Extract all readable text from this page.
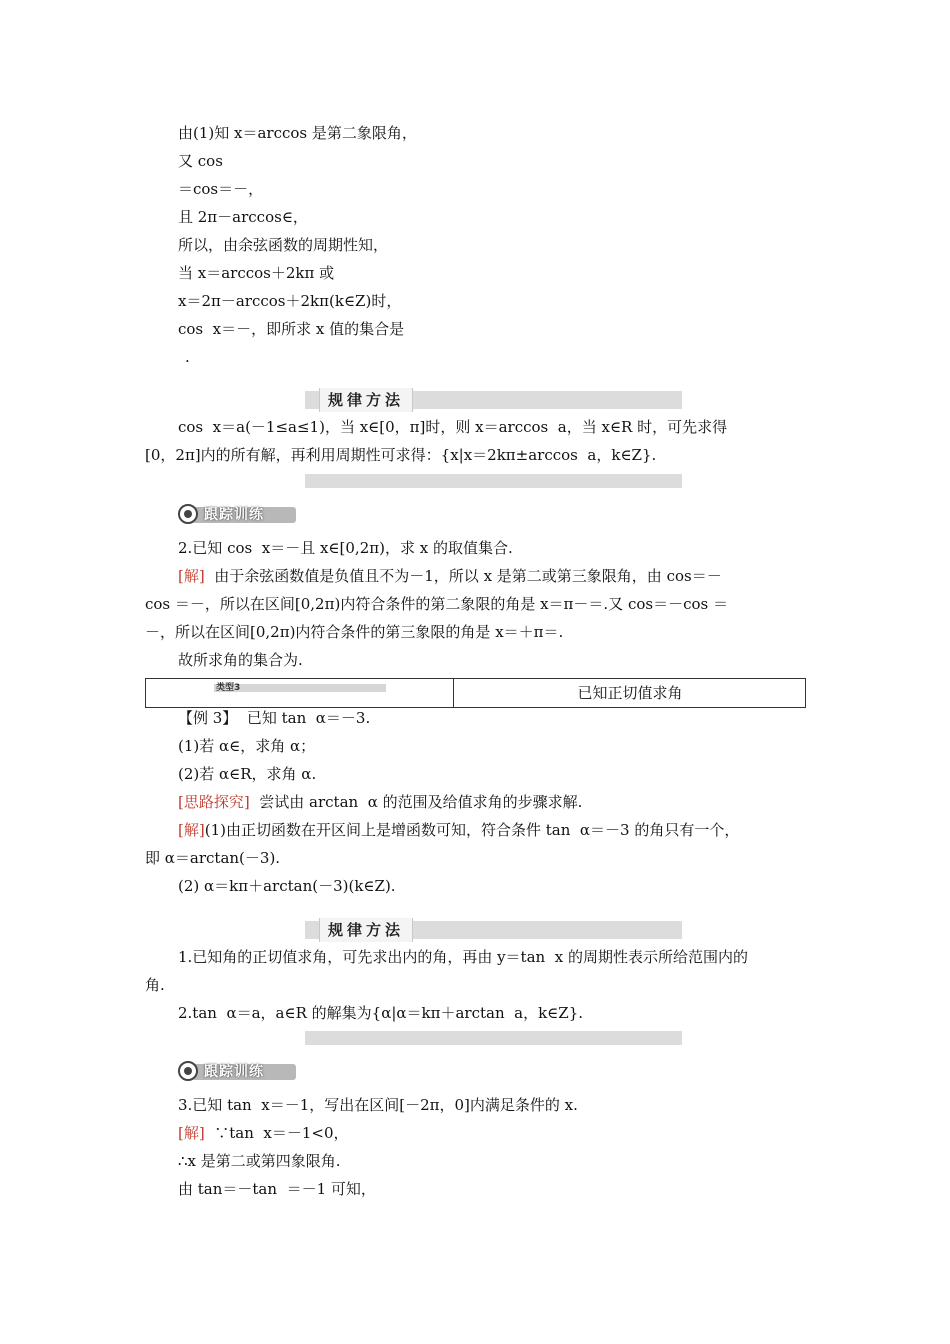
由(1)知 x＝arccos 是第二象限角，
又 cos
＝cos＝－，
且 2π－arccos∈，
所以，由余弦函数的周期性知，
当 x＝arccos＋2kπ 或
x＝2π－arccos＋2kπ(k∈Z)时，
cos  x＝－，即所求 x 值的集合是
.
规律方法
cos  x＝a(－1≤a≤1)，当 x∈[0，π]时，则 x＝arccos  a，当 x∈R 时，可先求得
[0，2π]内的所有解，再利用周期性可求得：{x|x＝2kπ±arccos  a，k∈Z}.
跟踪训练
2.已知 cos  x＝－且 x∈[0,2π)，求 x 的取值集合.
[解]  由于余弦函数值是负值且不为－1，所以 x 是第二或第三象限角，由 cos＝－
cos ＝－，所以在区间[0,2π)内符合条件的第二象限的角是 x＝π－＝.又 cos＝－cos ＝
－，所以在区间[0,2π)内符合条件的第三象限的角是 x＝＋π＝.
故所求角的集合为.
类型3	已知正切值求角
【例 3】  已知 tan  α＝－3.
(1)若 α∈，求角 α；
(2)若 α∈R，求角 α.
[思路探究]  尝试由 arctan  α 的范围及给值求角的步骤求解.
[解](1)由正切函数在开区间上是增函数可知，符合条件 tan  α＝－3 的角只有一个，
即 α＝arctan(－3).
(2) α＝kπ＋arctan(－3)(k∈Z).
规律方法
1.已知角的正切值求角，可先求出内的角，再由 y＝tan  x 的周期性表示所给范围内的
角.
2.tan  α＝a，a∈R 的解集为{α|α＝kπ＋arctan  a，k∈Z}.
跟踪训练
3.已知 tan  x＝－1，写出在区间[－2π，0]内满足条件的 x.
[解]  ∵tan  x＝－1<0，
∴x 是第二或第四象限角.
由 tan＝－tan  ＝－1 可知，
